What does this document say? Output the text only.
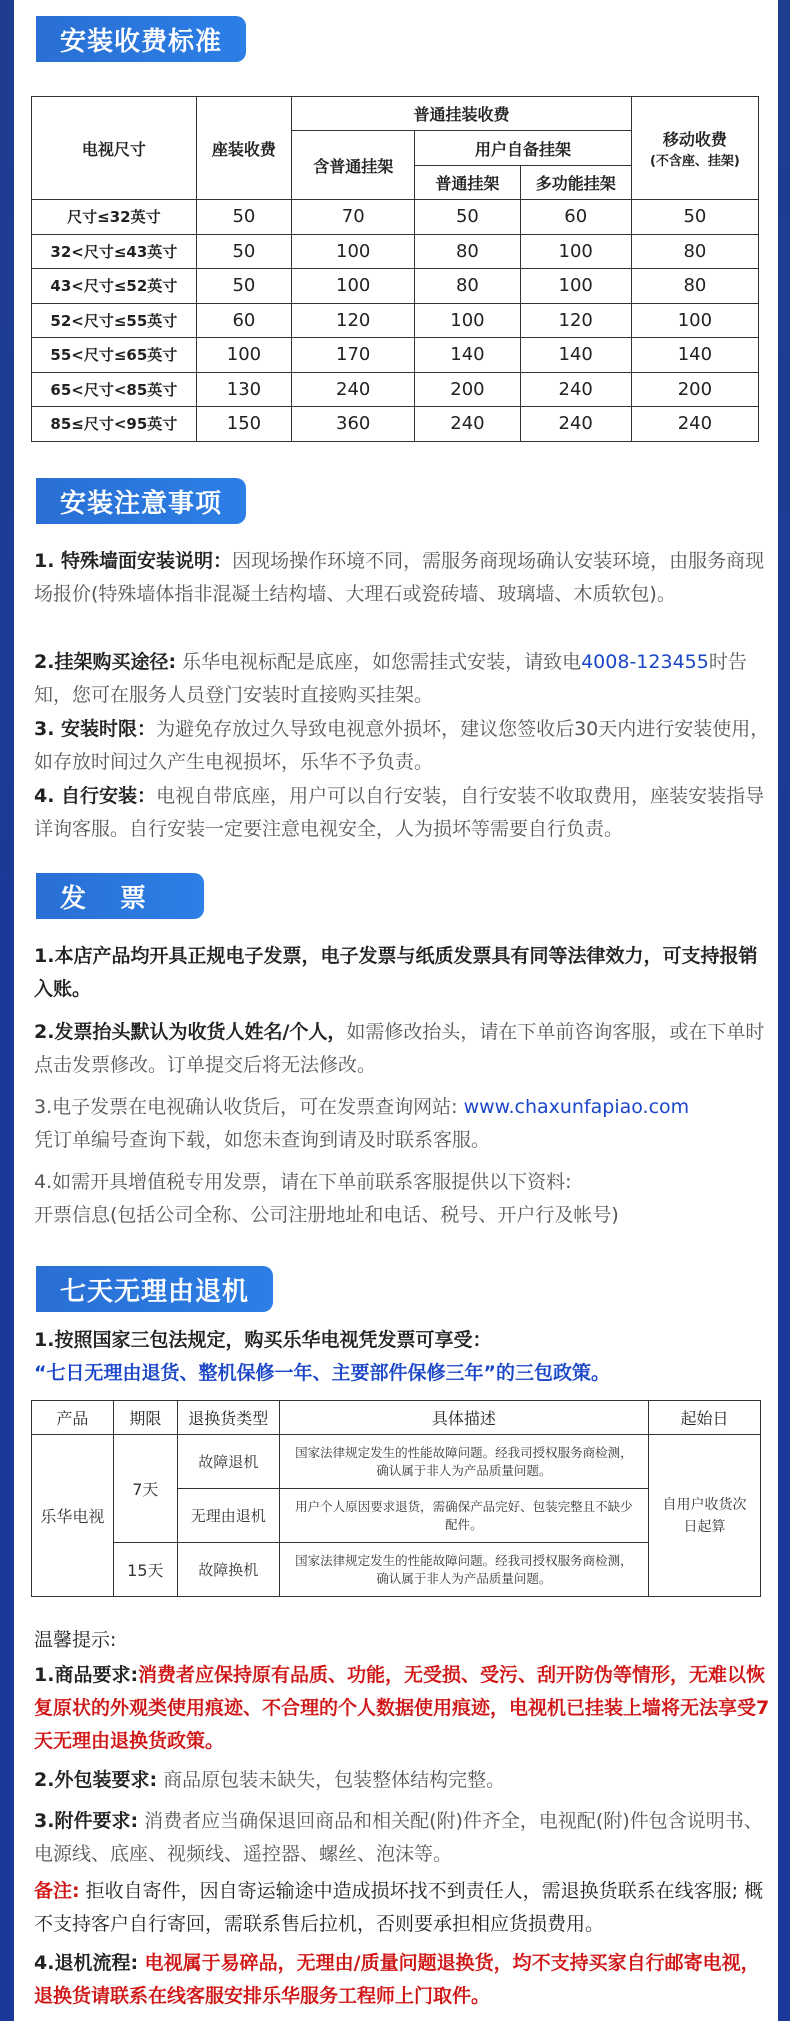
安装收费标准
电视尺寸	座装收费	普通挂装收费			移动收费
(不含座、挂架)

		含普通挂架	用户自备挂架		
			普通挂架	多功能挂架	
尺寸≤32英寸	50	70	50	60	50
32<尺寸≤43英寸	50	100	80	100	80
43<尺寸≤52英寸	50	100	80	100	80
52<尺寸≤55英寸	60	120	100	120	100
55<尺寸≤65英寸	100	170	140	140	140
65<尺寸<85英寸	130	240	200	240	200
85≤尺寸<95英寸	150	360	240	240	240
安装注意事项
1. 特殊墙面安装说明：因现场操作环境不同，需服务商现场确认安装环境，由服务商现场报价(特殊墙体指非混凝土结构墙、大理石或瓷砖墙、玻璃墙、木质软包)。
2.挂架购买途径: 乐华电视标配是底座，如您需挂式安装，请致电4008-123455时告知，您可在服务人员登门安装时直接购买挂架。
3. 安装时限：为避免存放过久导致电视意外损坏，建议您签收后30天内进行安装使用，如存放时间过久产生电视损坏，乐华不予负责。
4. 自行安装：电视自带底座，用户可以自行安装，自行安装不收取费用，座装安装指导详询客服。自行安装一定要注意电视安全，人为损坏等需要自行负责。
发票
1.本店产品均开具正规电子发票，电子发票与纸质发票具有同等法律效力，可支持报销入账。
2.发票抬头默认为收货人姓名/个人，如需修改抬头，请在下单前咨询客服，或在下单时点击发票修改。订单提交后将无法修改。
3.电子发票在电视确认收货后，可在发票查询网站: www.chaxunfapiao.com
凭订单编号查询下载，如您未查询到请及时联系客服。
4.如需开具增值税专用发票，请在下单前联系客服提供以下资料:
开票信息(包括公司全称、公司注册地址和电话、税号、开户行及帐号)
七天无理由退机
1.按照国家三包法规定，购买乐华电视凭发票可享受：
“七日无理由退货、整机保修一年、主要部件保修三年”的三包政策。
产品	期限	退换货类型	具体描述	起始日
乐华电视	7天	故障退机	国家法律规定发生的性能故障问题。经我司授权服务商检测，确认属于非人为产品质量问题。	自用户收货次日起算
		无理由退机	用户个人原因要求退货，需确保产品完好、包装完整且不缺少配件。	
	15天	故障换机	国家法律规定发生的性能故障问题。经我司授权服务商检测，确认属于非人为产品质量问题。	
温馨提示:
1.商品要求:消费者应保持原有品质、功能，无受损、受污、刮开防伪等情形，无难以恢复原状的外观类使用痕迹、不合理的个人数据使用痕迹，电视机已挂装上墙将无法享受7天无理由退换货政策。
2.外包装要求: 商品原包装未缺失，包装整体结构完整。
3.附件要求: 消费者应当确保退回商品和相关配(附)件齐全，电视配(附)件包含说明书、电源线、底座、视频线、遥控器、螺丝、泡沫等。
备注: 拒收自寄件，因自寄运输途中造成损坏找不到责任人，需退换货联系在线客服; 概不支持客户自行寄回，需联系售后拉机，否则要承担相应货损费用。
4.退机流程: 电视属于易碎品，无理由/质量问题退换货，均不支持买家自行邮寄电视，退换货请联系在线客服安排乐华服务工程师上门取件。
